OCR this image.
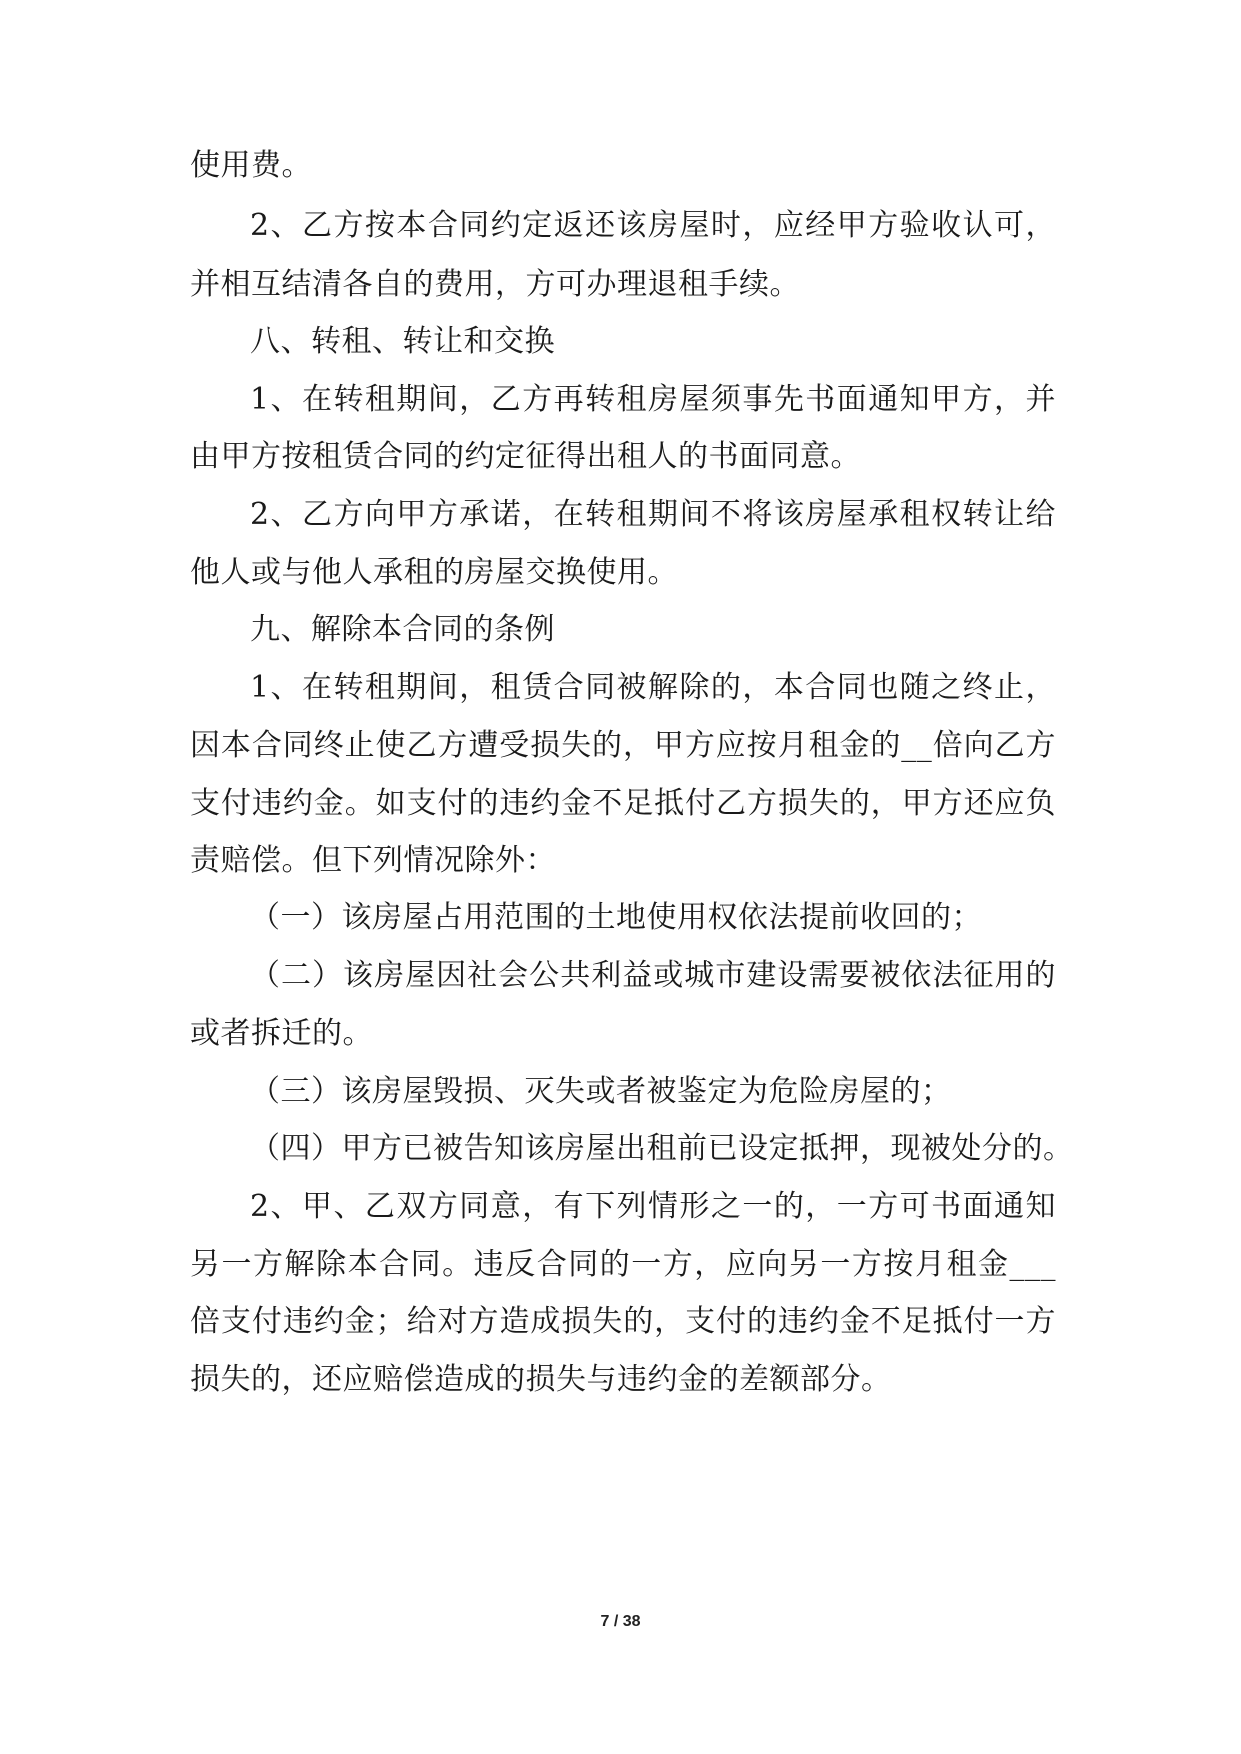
使用费。
2、乙方按本合同约定返还该房屋时，应经甲方验收认可，
并相互结清各自的费用，方可办理退租手续。
八、转租、转让和交换
1、在转租期间，乙方再转租房屋须事先书面通知甲方，并
由甲方按租赁合同的约定征得出租人的书面同意。
2、乙方向甲方承诺，在转租期间不将该房屋承租权转让给
他人或与他人承租的房屋交换使用。
九、解除本合同的条例
1、在转租期间，租赁合同被解除的，本合同也随之终止，
因本合同终止使乙方遭受损失的，甲方应按月租金的__倍向乙方
支付违约金。如支付的违约金不足抵付乙方损失的，甲方还应负
责赔偿。但下列情况除外：
（一）该房屋占用范围的土地使用权依法提前收回的；
（二）该房屋因社会公共利益或城市建设需要被依法征用的
或者拆迁的。
（三）该房屋毁损、灭失或者被鉴定为危险房屋的；
（四）甲方已被告知该房屋出租前已设定抵押，现被处分的。
2、甲、乙双方同意，有下列情形之一的，一方可书面通知
另一方解除本合同。违反合同的一方，应向另一方按月租金___
倍支付违约金；给对方造成损失的，支付的违约金不足抵付一方
损失的，还应赔偿造成的损失与违约金的差额部分。
7 / 38
